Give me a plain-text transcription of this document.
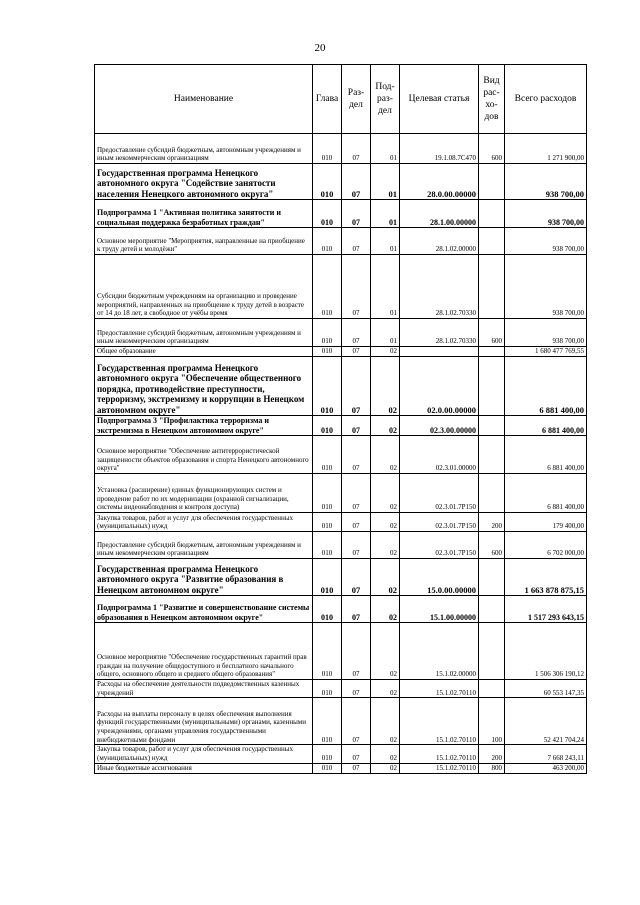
20
Наименование	Глава	Раз-дел	Под-раз-дел	Целевая статья	Вид рас-хо-дов	Всего расходов
Предоставление субсидий бюджетным, автономным учреждениям и иным некоммерческим организациям	010	07	01	19.1.08.7С470	600	1 271 900,00
Государственная программа Ненецкого автономного округа "Содействие занятости населения Ненецкого автономного округа"	010	07	01	28.0.00.00000		938 700,00
Подпрограмма 1 "Активная политика занятости и социальная поддержка безработных граждан"	010	07	01	28.1.00.00000		938 700,00
Основное мероприятие "Мероприятия, направленные на приобщение к труду детей и молодёжи"	010	07	01	28.1.02.00000		938 700,00
Субсидии бюджетным учреждениям на организацию и проведение мероприятий, направленных на приобщение к труду детей в возрасте от 14 до 18 лет, в свободное от учёбы время	010	07	01	28.1.02.70330		938 700,00
Предоставление субсидий бюджетным, автономным учреждениям и иным некоммерческим организациям	010	07	01	28.1.02.70330	600	938 700,00
Общее образование	010	07	02			1 680 477 769,55
Государственная программа Ненецкого автономного округа "Обеспечение общественного порядка, противодействие преступности, терроризму, экстремизму и коррупции в Ненецком автономном округе"	010	07	02	02.0.00.00000		6 881 400,00
Подпрограмма 3 "Профилактика терроризма и экстремизма в Ненецком автономном округе"	010	07	02	02.3.00.00000		6 881 400,00
Основное мероприятие "Обеспечение антитеррористической защищенности объектов образования и спорта Ненецкого автономного округа"	010	07	02	02.3.01.00000		6 881 400,00
Установка (расширение) единых функционирующих систем и проведение работ по их модернизации (охранной сигнализации, системы видеонаблюдения и контроля доступа)	010	07	02	02.3.01.7Р150		6 881 400,00
Закупка товаров, работ и услуг для обеспечения государственных (муниципальных) нужд	010	07	02	02.3.01.7Р150	200	179 400,00
Предоставление субсидий бюджетным, автономным учреждениям и иным некоммерческим организациям	010	07	02	02.3.01.7Р150	600	6 702 000,00
Государственная программа Ненецкого автономного округа "Развитие образования в Ненецком автономном округе"	010	07	02	15.0.00.00000		1 663 878 875,15
Подпрограмма 1 "Развитие и совершенствование системы образования в Ненецком автономном округе"	010	07	02	15.1.00.00000		1 517 293 643,15
Основное мероприятие "Обеспечение государственных гарантий прав граждан на получение общедоступного и бесплатного начального общего, основного общего и среднего общего образования"	010	07	02	15.1.02.00000		1 506 306 190,12
Расходы на обеспечение деятельности подведомственных казенных учреждений	010	07	02	15.1.02.70110		60 553 147,35
Расходы на выплаты персоналу в целях обеспечения выполнения функций государственными (муниципальными) органами, казенными учреждениями, органами управления государственными внебюджетными фондами	010	07	02	15.1.02.70110	100	52 421 704,24
Закупка товаров, работ и услуг для обеспечения государственных (муниципальных) нужд	010	07	02	15.1.02.70110	200	7 668 243,11
Иные бюджетные ассигнования	010	07	02	15.1.02.70110	800	463 200,00
